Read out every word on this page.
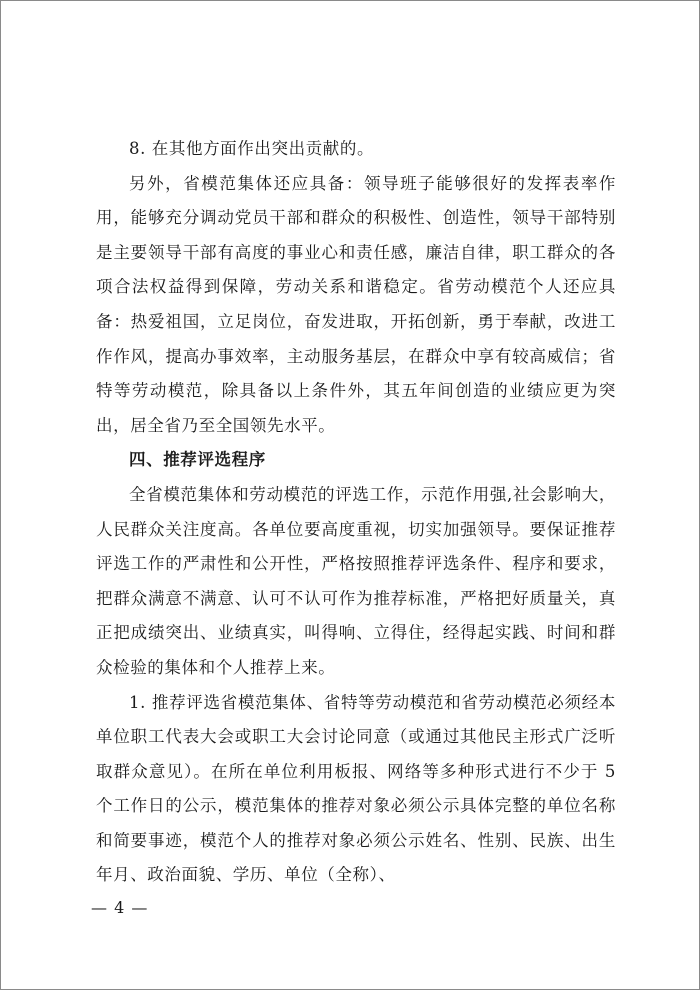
8. 在其他方面作出突出贡献的。

另外，省模范集体还应具备：领导班子能够很好的发挥表率作用，能够充分调动党员干部和群众的积极性、创造性，领导干部特别是主要领导干部有高度的事业心和责任感，廉洁自律，职工群众的各项合法权益得到保障，劳动关系和谐稳定。省劳动模范个人还应具备：热爱祖国，立足岗位，奋发进取，开拓创新，勇于奉献，改进工作作风，提高办事效率，主动服务基层，在群众中享有较高威信；省特等劳动模范，除具备以上条件外，其五年间创造的业绩应更为突出，居全省乃至全国领先水平。

四、推荐评选程序

全省模范集体和劳动模范的评选工作，示范作用强,社会影响大，人民群众关注度高。各单位要高度重视，切实加强领导。要保证推荐评选工作的严肃性和公开性，严格按照推荐评选条件、程序和要求，把群众满意不满意、认可不认可作为推荐标准，严格把好质量关，真正把成绩突出、业绩真实，叫得响、立得住，经得起实践、时间和群众检验的集体和个人推荐上来。

1. 推荐评选省模范集体、省特等劳动模范和省劳动模范必须经本单位职工代表大会或职工大会讨论同意（或通过其他民主形式广泛听取群众意见）。在所在单位利用板报、网络等多种形式进行不少于 5 个工作日的公示，模范集体的推荐对象必须公示具体完整的单位名称和简要事迹，模范个人的推荐对象必须公示姓名、性别、民族、出生年月、政治面貌、学历、单位（全称）、

— 4 —
